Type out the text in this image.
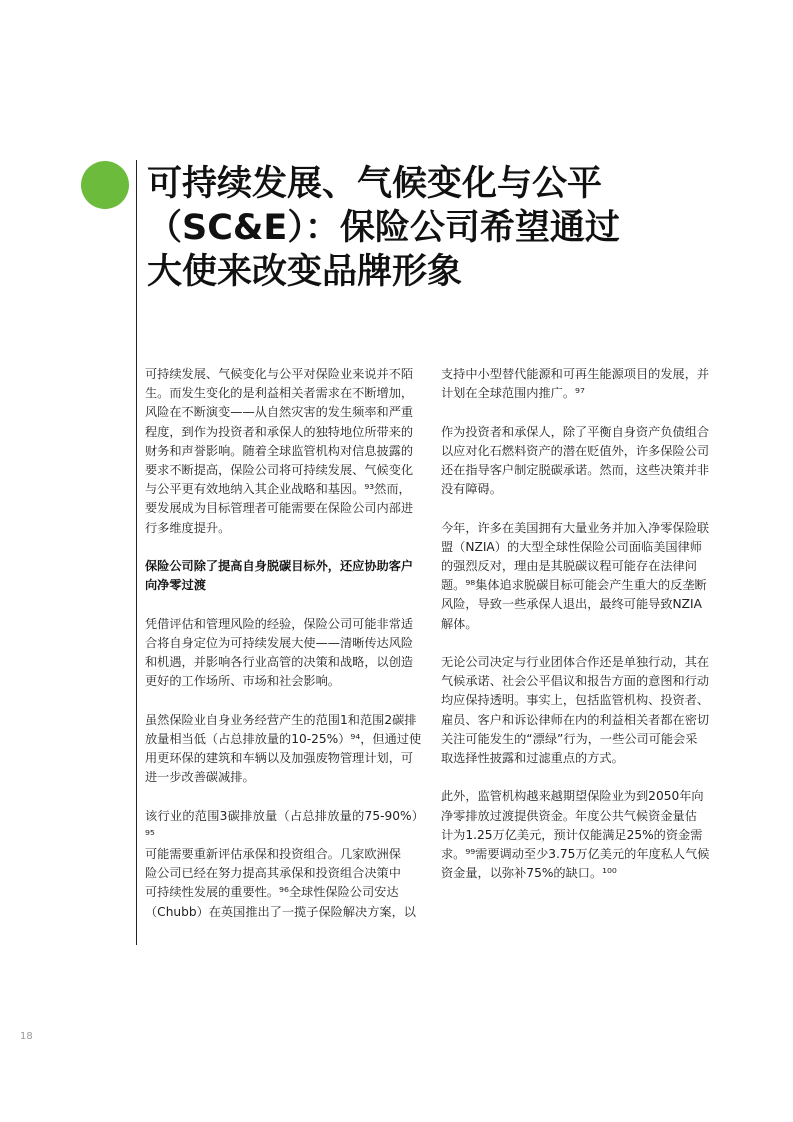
可持续发展、气候变化与公平
（SC&E）：保险公司希望通过
大使来改变品牌形象

可持续发展、气候变化与公平对保险业来说并不陌
生。而发生变化的是利益相关者需求在不断增加，
风险在不断演变——从自然灾害的发生频率和严重
程度，到作为投资者和承保人的独特地位所带来的
财务和声誉影响。随着全球监管机构对信息披露的
要求不断提高，保险公司将可持续发展、气候变化
与公平更有效地纳入其企业战略和基因。⁹³然而，
要发展成为目标管理者可能需要在保险公司内部进
行多维度提升。

保险公司除了提高自身脱碳目标外，还应协助客户
向净零过渡

凭借评估和管理风险的经验，保险公司可能非常适
合将自身定位为可持续发展大使——清晰传达风险
和机遇，并影响各行业高管的决策和战略，以创造
更好的工作场所、市场和社会影响。

虽然保险业自身业务经营产生的范围1和范围2碳排
放量相当低（占总排放量的10-25%）⁹⁴，但通过使
用更环保的建筑和车辆以及加强废物管理计划，可
进一步改善碳减排。

该行业的范围3碳排放量（占总排放量的75-90%）⁹⁵
可能需要重新评估承保和投资组合。几家欧洲保
险公司已经在努力提高其承保和投资组合决策中
可持续性发展的重要性。⁹⁶全球性保险公司安达
（Chubb）在英国推出了一揽子保险解决方案，以

支持中小型替代能源和可再生能源项目的发展，并
计划在全球范围内推广。⁹⁷

作为投资者和承保人，除了平衡自身资产负债组合
以应对化石燃料资产的潜在贬值外，许多保险公司
还在指导客户制定脱碳承诺。然而，这些决策并非
没有障碍。

今年，许多在美国拥有大量业务并加入净零保险联
盟（NZIA）的大型全球性保险公司面临美国律师
的强烈反对，理由是其脱碳议程可能存在法律问
题。⁹⁸集体追求脱碳目标可能会产生重大的反垄断
风险，导致一些承保人退出，最终可能导致NZIA
解体。

无论公司决定与行业团体合作还是单独行动，其在
气候承诺、社会公平倡议和报告方面的意图和行动
均应保持透明。事实上，包括监管机构、投资者、
雇员、客户和诉讼律师在内的利益相关者都在密切
关注可能发生的“漂绿”行为，一些公司可能会采
取选择性披露和过滤重点的方式。

此外，监管机构越来越期望保险业为到2050年向
净零排放过渡提供资金。年度公共气候资金量估
计为1.25万亿美元，预计仅能满足25%的资金需
求。⁹⁹需要调动至少3.75万亿美元的年度私人气候
资金量，以弥补75%的缺口。¹⁰⁰

18
